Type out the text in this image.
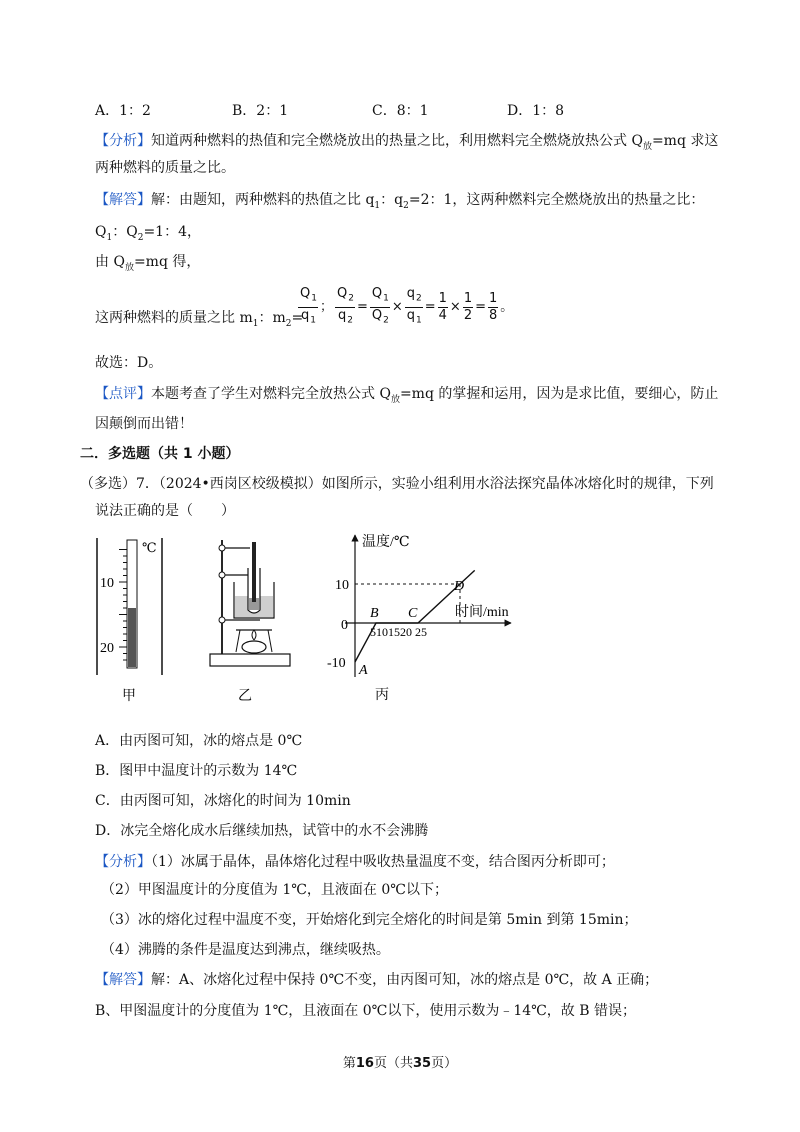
A．1：2	B．2：1	C．8：1	D．1：8
【分析】知道两种燃料的热值和完全燃烧放出的热量之比，利用燃料完全燃烧放热公式 $Q_放=mq$ 求这
两种燃料的质量之比。
【解答】解：由题知，两种燃料的热值之比 $q_1$：$q_2=2$：1，这两种燃料完全燃烧放出的热量之比：
$Q_1$：$Q_2=1$：4，
由 $Q_放=mq$ 得，
这两种燃料的质量之比 $m_1$：$m_2=$
$\frac{Q_1}{q_1}$ ； $\frac{Q_2}{q_2} = \frac{Q_1}{Q_2} \times \frac{q_2}{q_1} = \frac{1}{4} \times \frac{1}{2} = \frac{1}{8}$ 。
故选：D。
【点评】本题考查了学生对燃料完全放热公式 $Q_放=mq$ 的掌握和运用，因为是求比值，要细心，防止
因颠倒而出错！
二．多选题（共 1 小题）
（多选）7．（2024•西岗区校级模拟）如图所示，实验小组利用水浴法探究晶体冰熔化时的规律，下列
说法正确的是（　　）
℃
10
20
甲	乙
温度/℃
时间/min
10
0
-10
5101520 25
A
B C
D
丙
A．由丙图可知，冰的熔点是 0℃
B．图甲中温度计的示数为 14℃
C．由丙图可知，冰熔化的时间为 10min
D．冰完全熔化成水后继续加热，试管中的水不会沸腾
【分析】（1）冰属于晶体，晶体熔化过程中吸收热量温度不变，结合图丙分析即可；
（2）甲图温度计的分度值为 1℃，且液面在 0℃以下；
（3）冰的熔化过程中温度不变，开始熔化到完全熔化的时间是第 5min 到第 15min；
（4）沸腾的条件是温度达到沸点，继续吸热。
【解答】解：A、冰熔化过程中保持 0℃不变，由丙图可知，冰的熔点是 0℃，故 A 正确；
B、甲图温度计的分度值为 1℃，且液面在 0℃以下，使用示数为﹣14℃，故 B 错误；
第16页（共35页）
